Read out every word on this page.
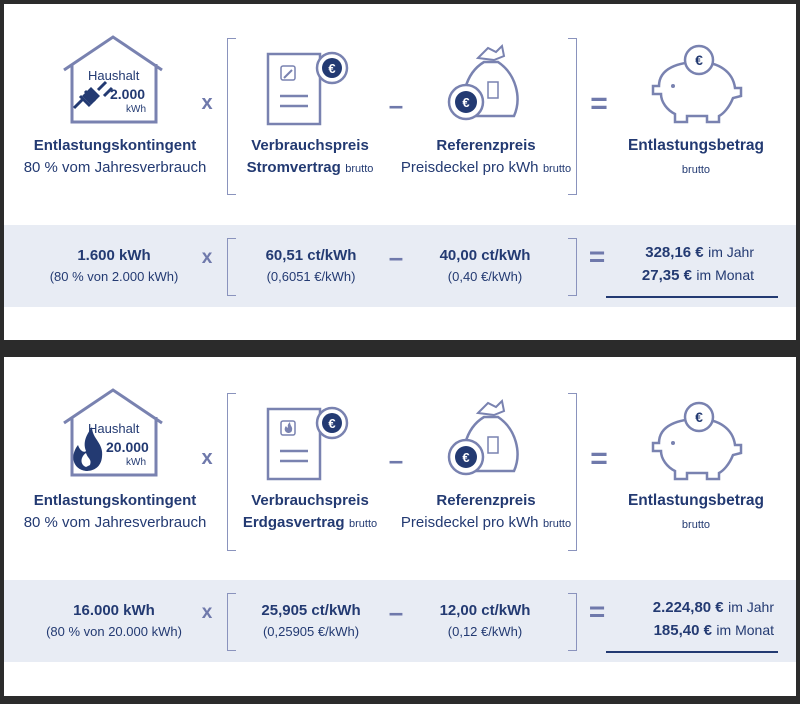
Haushalt
2.000
kWh
Entlastungskontingent
80 % vom Jahresverbrauch
x
€
Verbrauchspreis
Stromvertrag brutto
–	€
Referenzpreis
Preisdeckel pro kWh brutto
=
€
Entlastungsbetrag
brutto
1.600 kWh
(80 % von 2.000 kWh)
x	60,51 ct/kWh
(0,6051 €/kWh)
–	40,00 ct/kWh
(0,40 €/kWh)
=	328,16 € im Jahr
27,35 € im Monat
Haushalt
20.000
kWh
Entlastungskontingent
80 % vom Jahresverbrauch
x
€
Verbrauchspreis
Erdgasvertrag brutto
–	€
Referenzpreis
Preisdeckel pro kWh brutto
=
€
Entlastungsbetrag
brutto
16.000 kWh
(80 % von 20.000 kWh)
x	25,905 ct/kWh
(0,25905 €/kWh)
–	12,00 ct/kWh
(0,12 €/kWh)
=	2.224,80 € im Jahr
185,40 € im Monat
